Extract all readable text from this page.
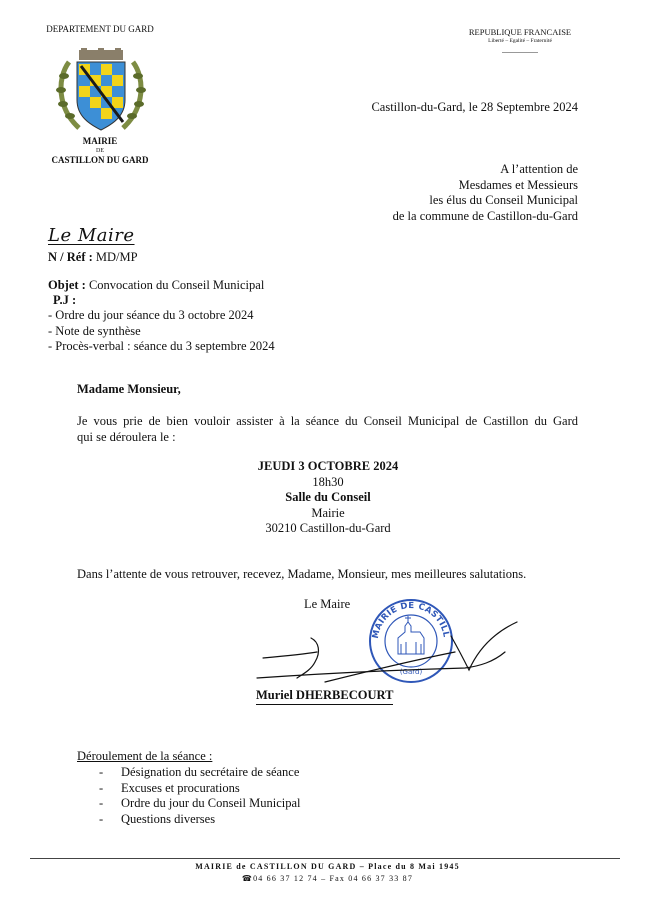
DEPARTEMENT DU GARD
MAIRIE
DE
CASTILLON DU GARD
REPUBLIQUE FRANCAISE
Liberté – Egalité – Fraternité
Castillon-du-Gard, le 28 Septembre 2024
A l’attention de
Mesdames et Messieurs
les élus du Conseil Municipal
de la commune de Castillon-du-Gard
Le Maire
N / Réf : MD/MP
Objet : Convocation du Conseil Municipal
P.J :
- Ordre du jour séance du 3 octobre 2024
- Note de synthèse
- Procès-verbal : séance du 3 septembre 2024
Madame Monsieur,
Je vous prie de bien vouloir assister à la séance du Conseil Municipal de Castillon du Gard
qui se déroulera le :
JEUDI 3 OCTOBRE 2024
18h30
Salle du Conseil
Mairie
30210 Castillon-du-Gard
Dans l’attente de vous retrouver, recevez, Madame, Monsieur, mes meilleures salutations.
Le Maire
MAIRIE DE CASTILL
(Gard)
Muriel DHERBECOURT
Déroulement de la séance :
- Désignation du secrétaire de séance
- Excuses et procurations
- Ordre du jour du Conseil Municipal
- Questions diverses
MAIRIE de CASTILLON DU GARD – Place du 8 Mai 1945
☎04 66 37 12 74 – Fax 04 66 37 33 87
